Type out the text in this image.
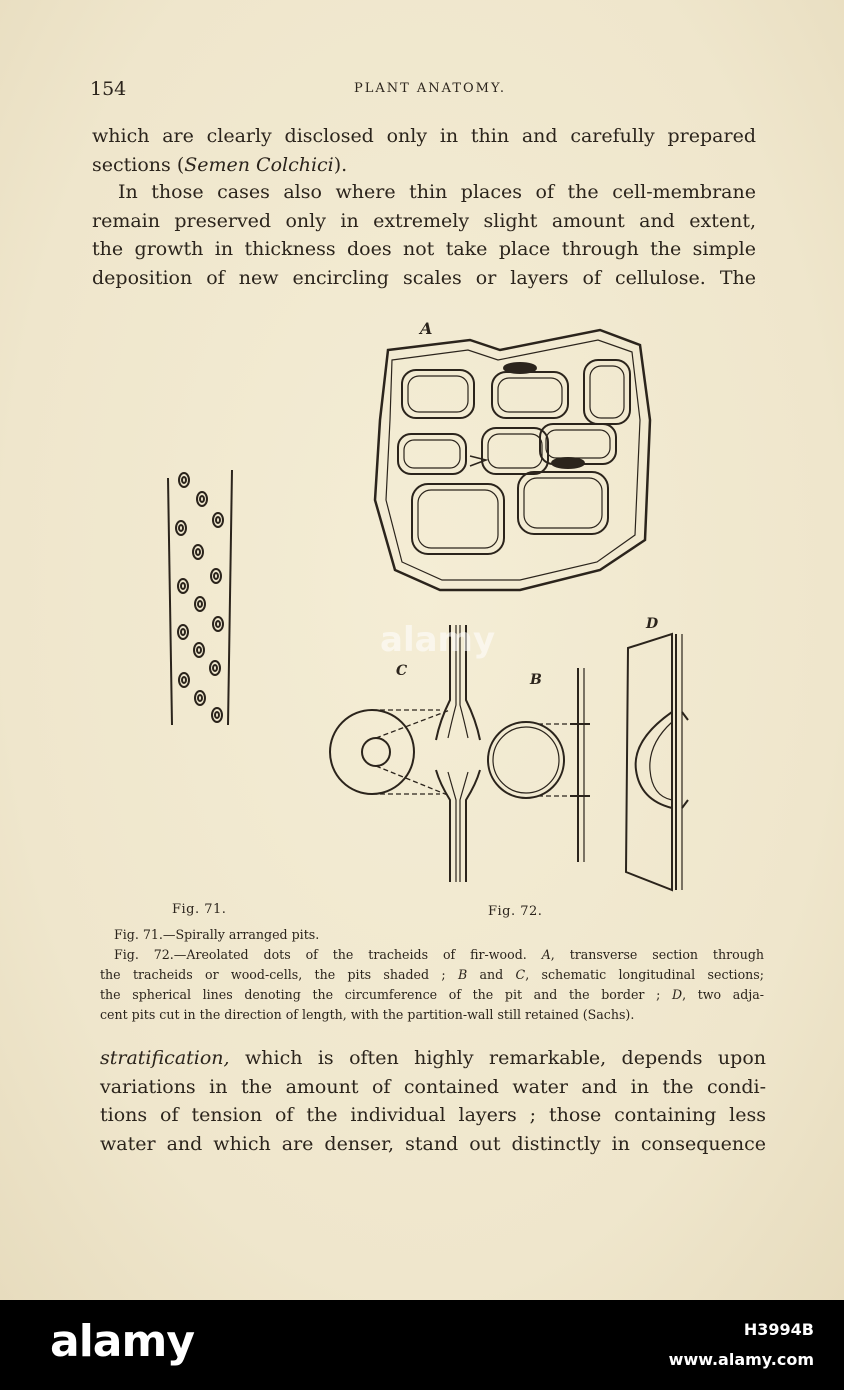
154	PLANT ANATOMY.
which are clearly disclosed only in thin and carefully prepared
sections (Semen Colchici).
In those cases also where thin places of the cell-membrane
remain preserved only in extremely slight amount and extent,
the growth in thickness does not take place through the simple
deposition of new encircling scales or layers of cellulose. The
A
C
B
D
Fig. 71.	Fig. 72.
Fig. 71.—Spirally arranged pits.
Fig. 72.—Areolated dots of the tracheids of fir-wood. A, transverse section through
the tracheids or wood-cells, the pits shaded ; B and C, schematic longitudinal sections;
the spherical lines denoting the circumference of the pit and the border ; D, two adja-
cent pits cut in the direction of length, with the partition-wall still retained (Sachs).
stratification, which is often highly remarkable, depends upon
variations in the amount of contained water and in the condi-
tions of tension of the individual layers ; those containing less
water and which are denser, stand out distinctly in consequence
alamy
alamy	H3994B
www.alamy.com
